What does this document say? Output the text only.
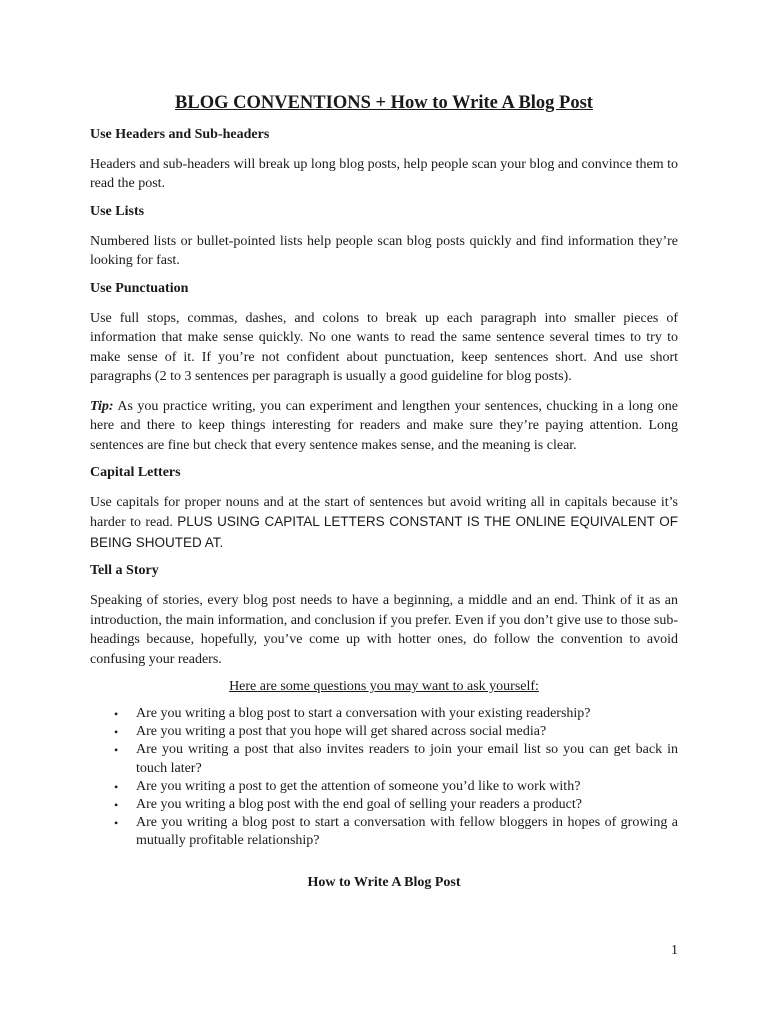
BLOG CONVENTIONS + How to Write A Blog Post
Use Headers and Sub-headers

Headers and sub-headers will break up long blog posts, help people scan your blog and convince them to read the post.

Use Lists

Numbered lists or bullet-pointed lists help people scan blog posts quickly and find information they’re looking for fast.

Use Punctuation

Use full stops, commas, dashes, and colons to break up each paragraph into smaller pieces of information that make sense quickly. No one wants to read the same sentence several times to try to make sense of it. If you’re not confident about punctuation, keep sentences short. And use short paragraphs (2 to 3 sentences per paragraph is usually a good guideline for blog posts).

Tip: As you practice writing, you can experiment and lengthen your sentences, chucking in a long one here and there to keep things interesting for readers and make sure they’re paying attention. Long sentences are fine but check that every sentence makes sense, and the meaning is clear.

Capital Letters

Use capitals for proper nouns and at the start of sentences but avoid writing all in capitals because it’s harder to read. PLUS USING CAPITAL LETTERS CONSTANT IS THE ONLINE EQUIVALENT OF BEING SHOUTED AT.

Tell a Story

Speaking of stories, every blog post needs to have a beginning, a middle and an end. Think of it as an introduction, the main information, and conclusion if you prefer. Even if you don’t give use to those sub-headings because, hopefully, you’ve come up with hotter ones, do follow the convention to avoid confusing your readers.

Here are some questions you may want to ask yourself:
• Are you writing a blog post to start a conversation with your existing readership?
• Are you writing a post that you hope will get shared across social media?
• Are you writing a post that also invites readers to join your email list so you can get back in touch later?
• Are you writing a post to get the attention of someone you’d like to work with?
• Are you writing a blog post with the end goal of selling your readers a product?
• Are you writing a blog post to start a conversation with fellow bloggers in hopes of growing a mutually profitable relationship?
How to Write A Blog Post
1
